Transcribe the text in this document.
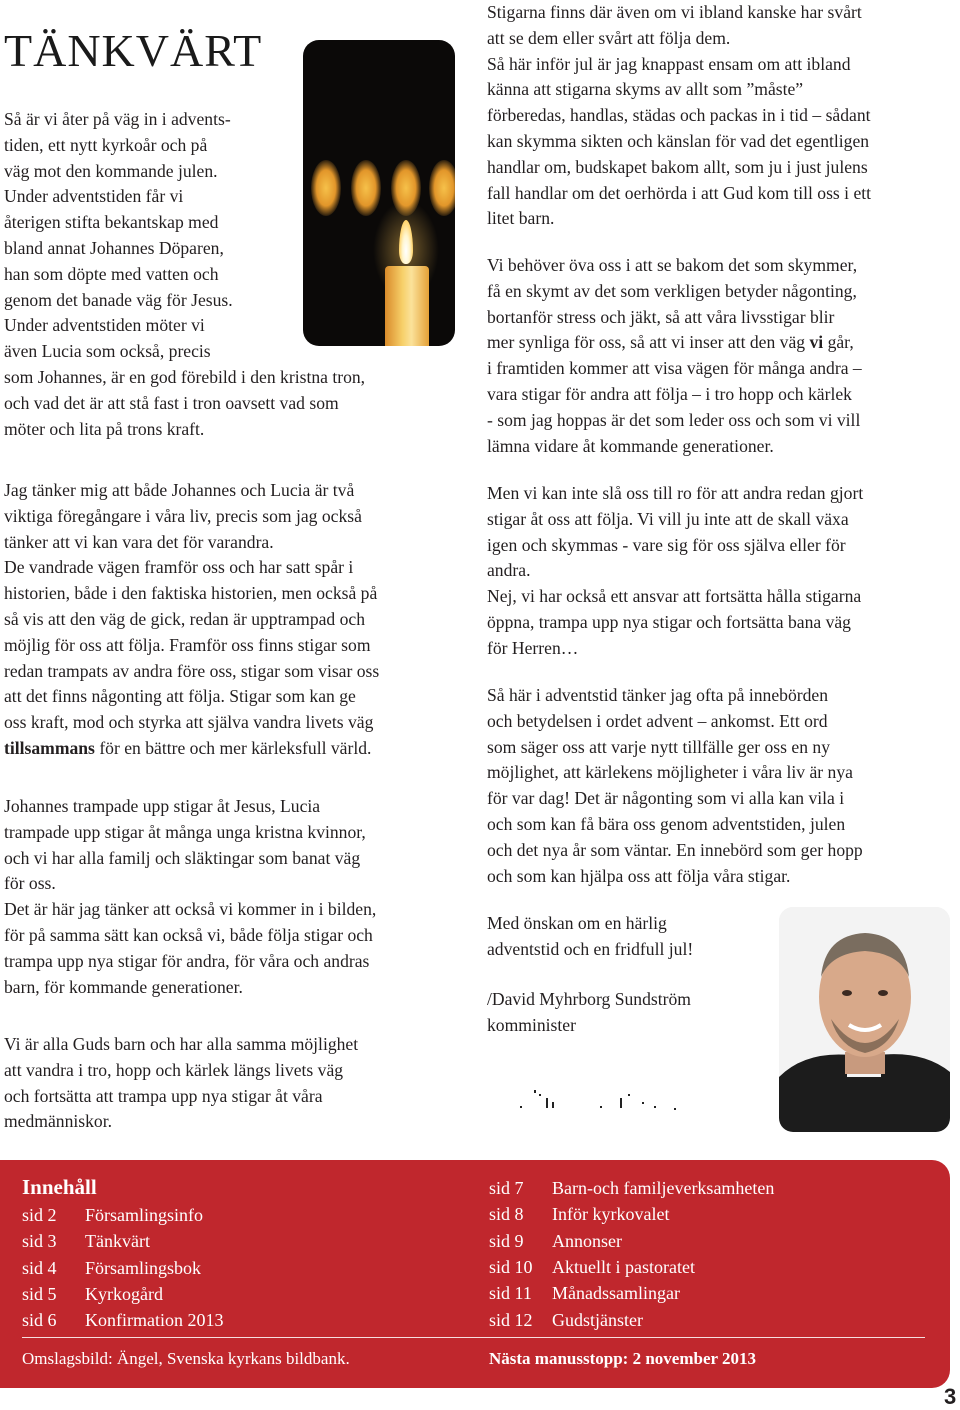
TÄNKVÄRT

Så är vi åter på väg in i advents-

tiden, ett nytt kyrkoår och på

väg mot den kommande julen.

Under adventstiden får vi

återigen stifta bekantskap med

bland annat Johannes Döparen,

han som döpte med vatten och

genom det banade väg för Jesus.

Under adventstiden möter vi

även Lucia som också, precis

som Johannes, är en god förebild i den kristna tron,

och vad det är att stå fast i tron oavsett vad som

möter och lita på trons kraft.

Jag tänker mig att både Johannes och Lucia är två

viktiga föregångare i våra liv, precis som jag också

tänker att vi kan vara det för varandra.

De vandrade vägen framför oss och har satt spår i

historien, både i den faktiska historien, men också på

så vis att den väg de gick, redan är upptrampad och

möjlig för oss att följa. Framför oss finns stigar som

redan trampats av andra före oss, stigar som visar oss

att det finns någonting att följa. Stigar som kan ge

oss kraft, mod och styrka att själva vandra livets väg

tillsammans för en bättre och mer kärleksfull värld.

Johannes trampade upp stigar åt Jesus, Lucia

trampade upp stigar åt många unga kristna kvinnor,

och vi har alla familj och släktingar som banat väg

för oss.

Det är här jag tänker att också vi kommer in i bilden,

för på samma sätt kan också vi, både följa stigar och

trampa upp nya stigar för andra, för våra och andras

barn, för kommande generationer.

Vi är alla Guds barn och har alla samma möjlighet

att vandra i tro, hopp och kärlek längs livets väg

och fortsätta att trampa upp nya stigar åt våra

medmänniskor.

Stigarna finns där även om vi ibland kanske har svårt

att se dem eller svårt att följa dem.

Så här inför jul är jag knappast ensam om att ibland

känna att stigarna skyms av allt som ”måste”

förberedas, handlas, städas och packas in i tid – sådant

kan skymma sikten och känslan för vad det egentligen

handlar om, budskapet bakom allt, som ju i just julens

fall handlar om det oerhörda i att Gud kom till oss i ett

litet barn.

Vi behöver öva oss i att se bakom det som skymmer,

få en skymt av det som verkligen betyder någonting,

bortanför stress och jäkt, så att våra livsstigar blir

mer synliga för oss, så att vi inser att den väg vi går,

i framtiden kommer att visa vägen för många andra –

vara stigar för andra att följa – i tro hopp och kärlek

- som jag hoppas är det som leder oss och som vi vill

lämna vidare åt kommande generationer.

Men vi kan inte slå oss till ro för att andra redan gjort

stigar åt oss att följa. Vi vill ju inte att de skall växa

igen och skymmas - vare sig för oss själva eller för

andra.

Nej, vi har också ett ansvar att fortsätta hålla stigarna

öppna, trampa upp nya stigar och fortsätta bana väg

för Herren…

Så här i adventstid tänker jag ofta på innebörden

och betydelsen i ordet advent – ankomst. Ett ord

som säger oss att varje nytt tillfälle ger oss en ny

möjlighet, att kärlekens möjligheter i våra liv är nya

för var dag! Det är någonting som vi alla kan vila i

och som kan få bära oss genom adventstiden, julen

och det nya år som väntar. En innebörd som ger hopp

och som kan hjälpa oss att följa våra stigar.

Med önskan om en härlig

adventstid och en fridfull jul!

/David Myhrborg Sundström

komminister

Innehåll
sid 2 Församlingsinfo
sid 3 Tänkvärt
sid 4 Församlingsbok
sid 5 Kyrkogård
sid 6 Konfirmation 2013
sid 7 Barn-och familjeverksamheten
sid 8 Inför kyrkovalet
sid 9 Annonser
sid 10 Aktuellt i pastoratet
sid 11 Månadssamlingar
sid 12 Gudstjänster
Omslagsbild: Ängel, Svenska kyrkans bildbank.	Nästa manusstopp: 2 november 2013
3
